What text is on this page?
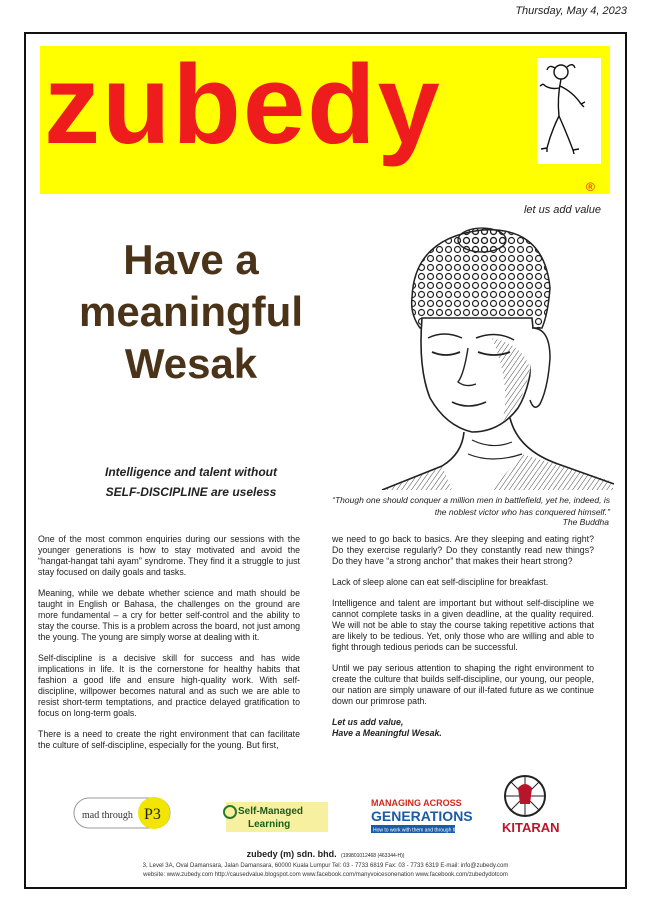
Thursday, May 4, 2023
zubedy
®
let us add value
Have a
meaningful
Wesak
Intelligence and talent without
SELF-DISCIPLINE are useless
“Though one should conquer a million men in battlefield, yet he, indeed, is the noblest victor who has conquered himself.”
The Buddha

One of the most common enquiries during our sessions with the younger generations is how to stay motivated and avoid the “hangat-hangat tahi ayam” syndrome. They find it a struggle to just stay focused on daily goals and tasks.

Meaning, while we debate whether science and math should be taught in English or Bahasa, the challenges on the ground are more fundamental – a cry for better self-control and the ability to stay the course. This is a problem across the board, not just among the young. The young are simply worse at dealing with it.

Self-discipline is a decisive skill for success and has wide implications in life. It is the cornerstone for healthy habits that fashion a good life and ensure high-quality work. With self-discipline, willpower becomes natural and as such we are able to resist short-term temptations, and practice delayed gratification to focus on long-term goals.

There is a need to create the right environment that can facilitate the culture of self-discipline, especially for the young. But first,

we need to go back to basics. Are they sleeping and eating right? Do they exercise regularly? Do they constantly read new things? Do they have “a strong anchor” that makes their heart strong?

Lack of sleep alone can eat self-discipline for breakfast.

Intelligence and talent are important but without self-discipline we cannot complete tasks in a given deadline, at the quality required. We will not be able to stay the course taking repetitive actions that are likely to be tedious. Yet, only those who are willing and able to fight through tedious periods can be successful.

Until we pay serious attention to shaping the right environment to create the culture that builds self-discipline, our young, our people, our nation are simply unaware of our ill-fated future as we continue down our primrose path.

Let us add value,
Have a Meaningful Wesak.

mad through P3	Self-Managed
Learning
MANAGING ACROSS
GENERATIONS
How to work with them and through them	KITARAN
zubedy (m) sdn. bhd. (199801012468 (463344-H))
3, Level 3A, Oval Damansara, Jalan Damansara, 60000 Kuala Lumpur Tel: 03 - 7733 6819 Fax: 03 - 7733 6319 E-mail: info@zubedy.com
website: www.zubedy.com http://causedvalue.blogspot.com www.facebook.com/manyvoicesonenation www.facebook.com/zubedydotcom
